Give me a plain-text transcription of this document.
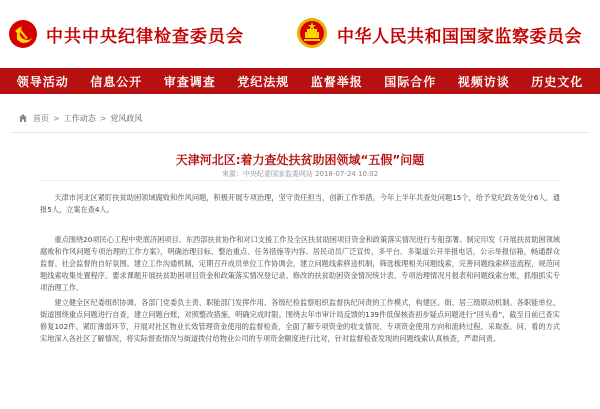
中共中央纪律检查委员会	中华人民共和国国家监察委员会
领导活动 信息公开 审查调查 党纪法规 监督举报 国际合作 视频访谈 历史文化
首页 > 工作动态 > 党风政风
天津河北区:着力查处扶贫助困领域“五假”问题
来源：中央纪委国家监委网站 2018-07-24 10:02

天津市河北区紧盯扶贫助困领域腐败和作风问题，积极开展专项治理，坚守责任担当，创新工作举措，今年上半年共查处问题15个，给予党纪政务处分6人，通报5人，立案在查4人。

重点围绕20项民心工程中兜底济困项目、东西部扶贫协作和对口支援工作及全区扶贫助困项目资金和政策落实情况进行专船部署。制定印发《开展扶贫助困领域腐败和作风问题专项治理的工作方案》，明确治理目标、整治重点、任务措施等内容。居民动员广泛宣传，多平台、多渠道公开举报电话，公示举报信箱，畅通群众监督、社会监督的自好氛围。建立工作沟通机制，定期召开成员单位工作协调会，建立问题线索移送机制，筛选梳理相关问题线索，完善问题线索移送流程，规范问题线索收集处置程序。要求课题开展扶贫助困项目资金和政策落实情况登记录、修改的扶贫助困资金情况统计表、专项治理情况月报表和问题线索台账，抓细抓实专项治理工作。

建立健全区纪委组织协调、各部门党委负主责、职能部门发挥作用、各级纪检监察组织监督执纪问责的工作模式，构建区、街、居三级联动机制。各职能单位、街道围绕重点问题进行自查，建立问题台账，对照整改措施，明确完成时限。围绕去年市审计局反馈的139件低保核查初步疑点问题进行“回头看”，截至目前已查实修复102件。紧盯薄弱环节，开展对社区物业长效管理资金使用的监督检查，全面了解专项资金的收支情况、专项资金使用方向和流转过程。采取查、问、看的方式实地深入各社区了解情况，将实际督查情况与街道拨付给物业公司的专项资金额度进行比对，针对监督检查发现的问题线索认真核查，严肃问责。
